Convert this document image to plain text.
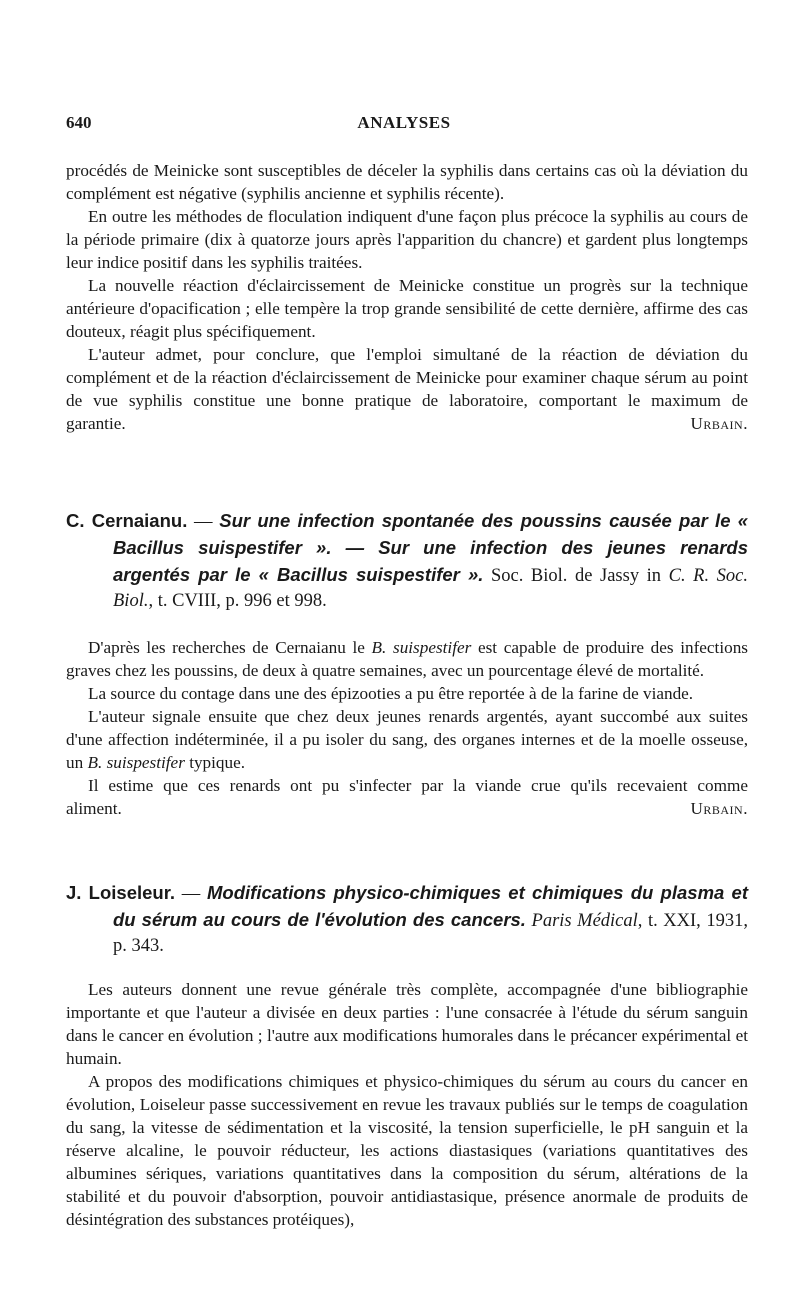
640	ANALYSES

procédés de Meinicke sont susceptibles de déceler la syphilis dans certains cas où la déviation du complément est négative (syphilis ancienne et syphilis récente).

En outre les méthodes de floculation indiquent d'une façon plus précoce la syphilis au cours de la période primaire (dix à quatorze jours après l'apparition du chancre) et gardent plus longtemps leur indice positif dans les syphilis traitées.

La nouvelle réaction d'éclaircissement de Meinicke constitue un progrès sur la technique antérieure d'opacification ; elle tempère la trop grande sensibilité de cette dernière, affirme des cas douteux, réagit plus spécifiquement.

L'auteur admet, pour conclure, que l'emploi simultané de la réaction de déviation du complément et de la réaction d'éclaircissement de Meinicke pour examiner chaque sérum au point de vue syphilis constitue une bonne pratique de laboratoire, comportant le maximum de garantie.	Urbain.

C. Cernaianu. — Sur une infection spontanée des poussins causée par le « Bacillus suispestifer ». — Sur une infection des jeunes renards argentés par le « Bacillus suispestifer ». Soc. Biol. de Jassy in C. R. Soc. Biol., t. CVIII, p. 996 et 998.

D'après les recherches de Cernaianu le B. suispestifer est capable de produire des infections graves chez les poussins, de deux à quatre semaines, avec un pourcentage élevé de mortalité.

La source du contage dans une des épizooties a pu être reportée à de la farine de viande.

L'auteur signale ensuite que chez deux jeunes renards argentés, ayant succombé aux suites d'une affection indéterminée, il a pu isoler du sang, des organes internes et de la moelle osseuse, un B. suispestifer typique.

Il estime que ces renards ont pu s'infecter par la viande crue qu'ils recevaient comme aliment.	Urbain.

J. Loiseleur. — Modifications physico-chimiques et chimiques du plasma et du sérum au cours de l'évolution des cancers. Paris Médical, t. XXI, 1931, p. 343.

Les auteurs donnent une revue générale très complète, accompagnée d'une bibliographie importante et que l'auteur a divisée en deux parties : l'une consacrée à l'étude du sérum sanguin dans le cancer en évolution ; l'autre aux modifications humorales dans le précancer expérimental et humain.

A propos des modifications chimiques et physico-chimiques du sérum au cours du cancer en évolution, Loiseleur passe successivement en revue les travaux publiés sur le temps de coagulation du sang, la vitesse de sédimentation et la viscosité, la tension superficielle, le pH sanguin et la réserve alcaline, le pouvoir réducteur, les actions diastasiques (variations quantitatives des albumines sériques, variations quantitatives dans la composition du sérum, altérations de la stabilité et du pouvoir d'absorption, pouvoir antidiastasique, présence anormale de produits de désintégration des substances protéiques),
